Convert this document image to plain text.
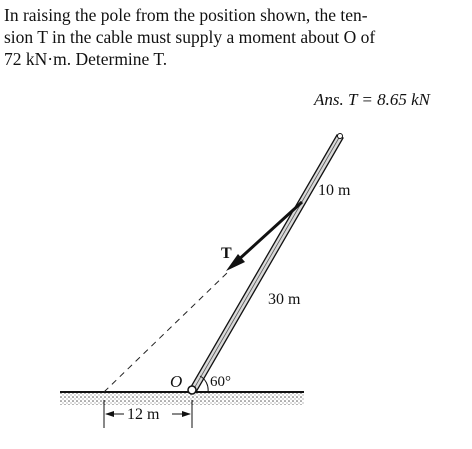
In raising the pole from the position shown, the ten-
sion T in the cable must supply a moment about O of
72 kN·m. Determine T.
Ans. T = 8.65 kN
T
10 m
30 m
O 60°
12 m
